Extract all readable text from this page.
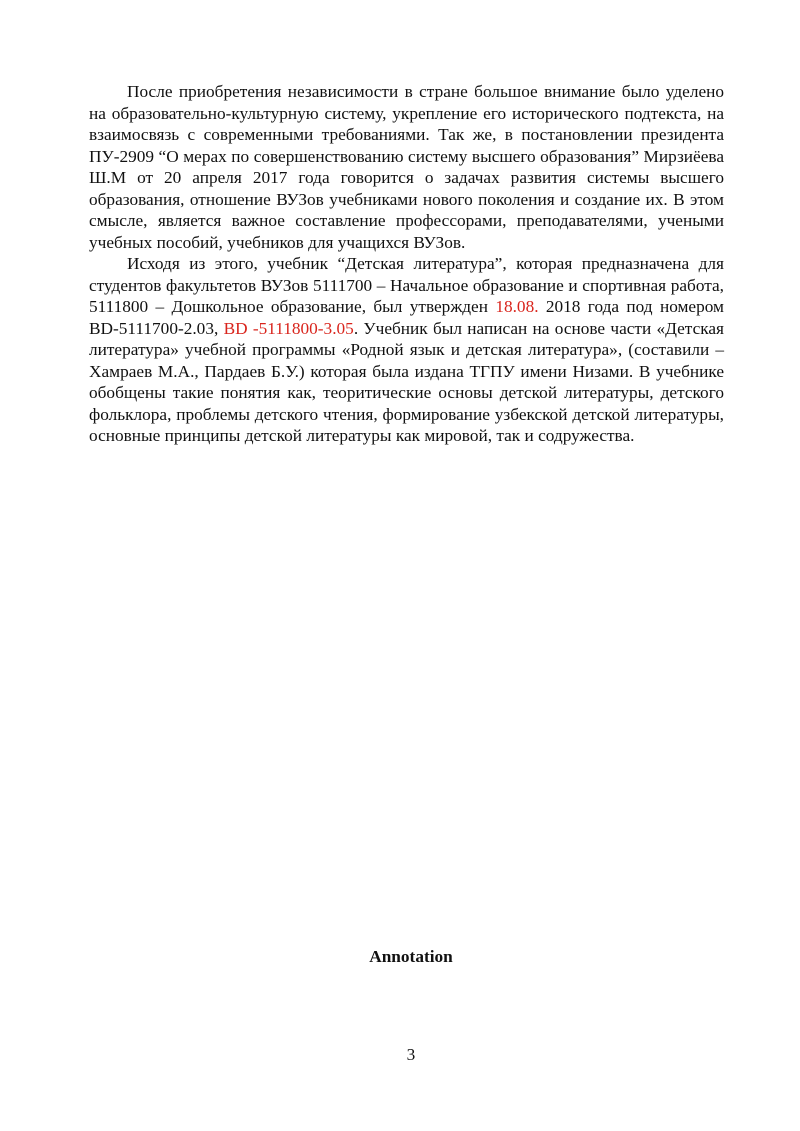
После приобретения независимости в стране большое внимание было уделено на образовательно-культурную систему, укрепление его исторического подтекста, на взаимосвязь с современными требованиями. Так же, в постановлении президента ПУ-2909 “О мерах по совершенствованию систему высшего образования” Мирзиёева Ш.М от 20 апреля 2017 года говорится о задачах развития системы высшего образования, отношение ВУЗов учебниками нового поколения и создание их. В этом смысле, является важное составление профессорами, преподавателями, учеными учебных пособий, учебников для учащихся ВУЗов.

Исходя из этого, учебник “Детская литература”, которая предназначена для студентов факультетов ВУЗов 5111700 – Начальное образование и спортивная работа, 5111800 – Дошкольное образование, был утвержден 18.08. 2018 года под номером BD-5111700-2.03, BD -5111800-3.05. Учебник был написан на основе части «Детская литература» учебной программы «Родной язык и детская литература», (составили – Хамраев М.А., Пардаев Б.У.) которая была издана ТГПУ имени Низами. В учебнике обобщены такие понятия как, теоритические основы детской литературы, детского фольклора, проблемы детского чтения, формирование узбекской детской литературы, основные принципы детской литературы как мировой, так и содружества.

Annotation
3
